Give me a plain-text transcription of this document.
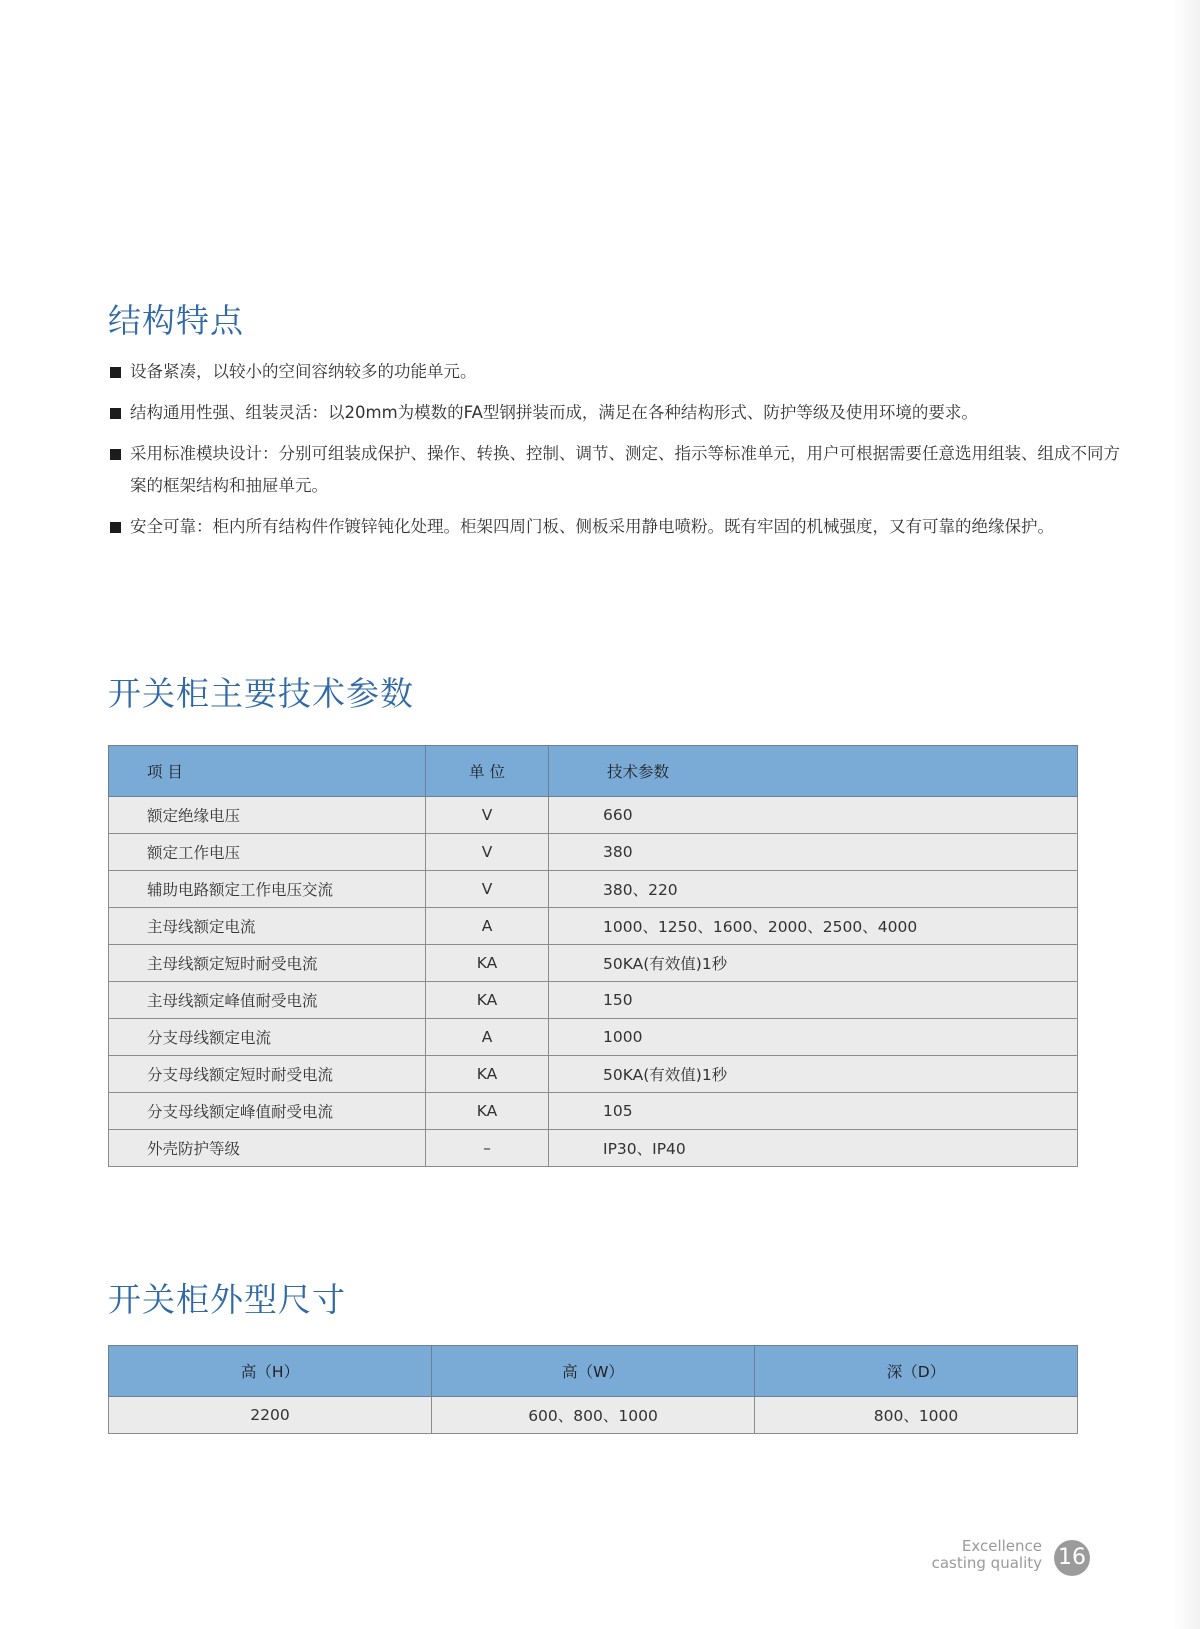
结构特点
设备紧凑，以较小的空间容纳较多的功能单元。
结构通用性强、组装灵活：以20mm为模数的FA型钢拼装而成，满足在各种结构形式、防护等级及使用环境的要求。
采用标准模块设计：分别可组装成保护、操作、转换、控制、调节、测定、指示等标准单元，用户可根据需要任意选用组装、组成不同方案的框架结构和抽屉单元。
安全可靠：柜内所有结构件作镀锌钝化处理。柜架四周门板、侧板采用静电喷粉。既有牢固的机械强度，又有可靠的绝缘保护。
开关柜主要技术参数
项 目	单 位	技术参数
额定绝缘电压	V	660
额定工作电压	V	380
辅助电路额定工作电压交流	V	380、220
主母线额定电流	A	1000、1250、1600、2000、2500、4000
主母线额定短时耐受电流	KA	50KA(有效值)1秒
主母线额定峰值耐受电流	KA	150
分支母线额定电流	A	1000
分支母线额定短时耐受电流	KA	50KA(有效值)1秒
分支母线额定峰值耐受电流	KA	105
外壳防护等级	–	IP30、IP40
开关柜外型尺寸
高（H）	高（W）	深（D）
2200	600、800、1000	800、1000
Excellence
casting quality 16
